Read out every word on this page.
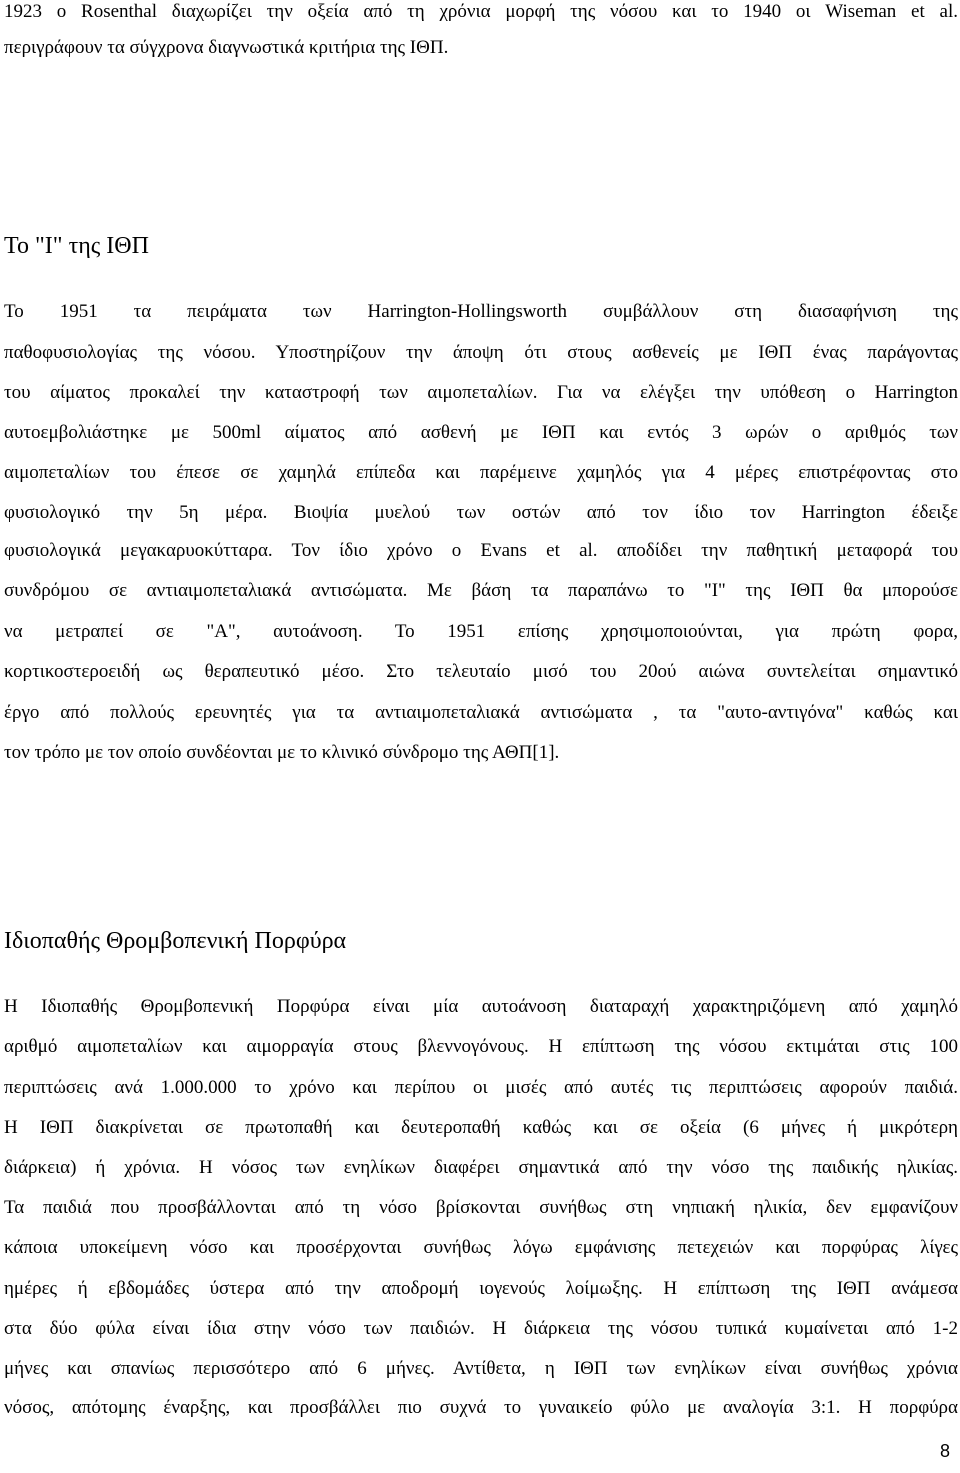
1923 ο Rosenthal διαχωρίζει την οξεία από τη χρόνια μορφή της νόσου και το 1940 οι Wiseman et al.
περιγράφουν τα σύγχρονα διαγνωστικά κριτήρια της ΙΘΠ.
Το "Ι" της ΙΘΠ
Το 1951 τα πειράματα των Harrington-Hollingsworth συμβάλλουν στη διασαφήνιση της
παθοφυσιολογίας της νόσου. Υποστηρίζουν την άποψη ότι στους ασθενείς με ΙΘΠ ένας παράγοντας
του αίματος προκαλεί την καταστροφή των αιμοπεταλίων. Για να ελέγξει την υπόθεση ο Harrington
αυτοεμβολιάστηκε με 500ml αίματος από ασθενή με ΙΘΠ και εντός 3 ωρών ο αριθμός των
αιμοπεταλίων του έπεσε σε χαμηλά επίπεδα και παρέμεινε χαμηλός για 4 μέρες επιστρέφοντας στο
φυσιολογικό την 5η μέρα. Βιοψία μυελού των οστών από τον ίδιο τον Harrington έδειξε
φυσιολογικά μεγακαρυοκύτταρα. Τον ίδιο χρόνο ο Evans et al. αποδίδει την παθητική μεταφορά του
συνδρόμου σε αντιαιμοπεταλιακά αντισώματα. Με βάση τα παραπάνω το "Ι" της ΙΘΠ θα μπορούσε
να μετραπεί σε "Α", αυτοάνοση. Το 1951 επίσης χρησιμοποιούνται, για πρώτη φορα,
κορτικοστεροειδή ως θεραπευτικό μέσο. Στο τελευταίο μισό του 20ού αιώνα συντελείται σημαντικό
έργο από πολλούς ερευνητές για τα αντιαιμοπεταλιακά αντισώματα , τα "αυτο-αντιγόνα" καθώς και
τον τρόπο με τον οποίο συνδέονται με το κλινικό σύνδρομο της ΑΘΠ[1].
Ιδιοπαθής Θρομβοπενική Πορφύρα
Η Ιδιοπαθής Θρομβοπενική Πορφύρα είναι μία αυτοάνοση διαταραχή χαρακτηριζόμενη από χαμηλό
αριθμό αιμοπεταλίων και αιμορραγία στους βλεννογόνους. Η επίπτωση της νόσου εκτιμάται στις 100
περιπτώσεις ανά 1.000.000 το χρόνο και περίπου οι μισές από αυτές τις περιπτώσεις αφορούν παιδιά.
Η ΙΘΠ διακρίνεται σε πρωτοπαθή και δευτεροπαθή καθώς και σε οξεία (6 μήνες ή μικρότερη
διάρκεια) ή χρόνια. Η νόσος των ενηλίκων διαφέρει σημαντικά από την νόσο της παιδικής ηλικίας.
Τα παιδιά που προσβάλλονται από τη νόσο βρίσκονται συνήθως στη νηπιακή ηλικία, δεν εμφανίζουν
κάποια υποκείμενη νόσο και προσέρχονται συνήθως λόγω εμφάνισης πετεχειών και πορφύρας λίγες
ημέρες ή εβδομάδες ύστερα από την αποδρομή ιογενούς λοίμωξης. Η επίπτωση της ΙΘΠ ανάμεσα
στα δύο φύλα είναι ίδια στην νόσο των παιδιών. Η διάρκεια της νόσου τυπικά κυμαίνεται από 1-2
μήνες και σπανίως περισσότερο από 6 μήνες. Αντίθετα, η ΙΘΠ των ενηλίκων είναι συνήθως χρόνια
νόσος, απότομης έναρξης, και προσβάλλει πιο συχνά το γυναικείο φύλο με αναλογία 3:1. Η πορφύρα
8
